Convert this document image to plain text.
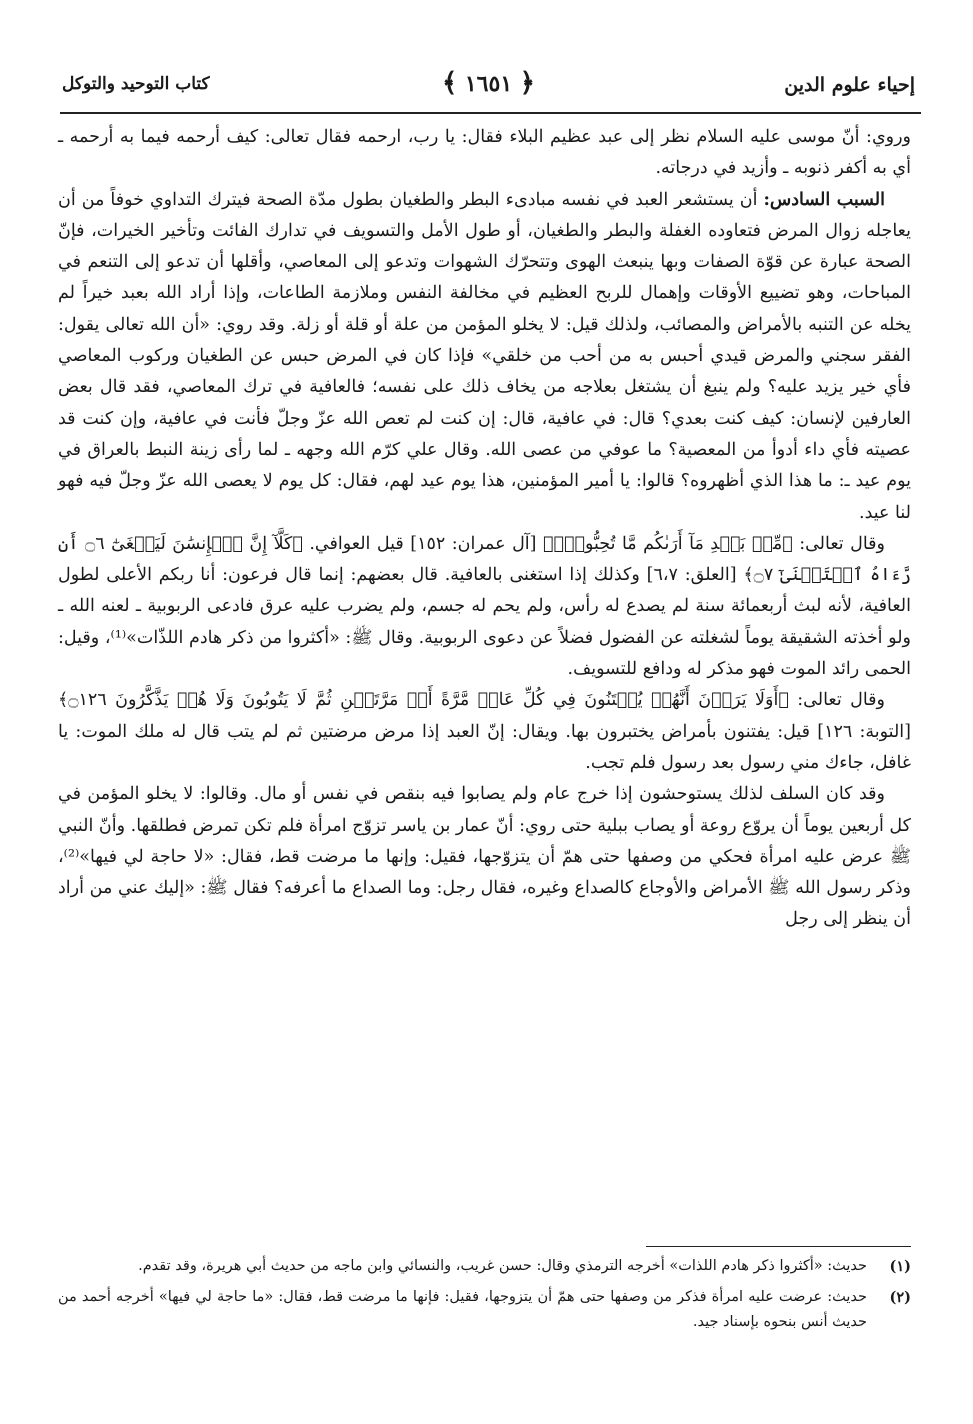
إحياء علوم الدين
﴿ ١٦٥١ ﴾
كتاب التوحيد والتوكل

وروي: أنّ موسى عليه السلام نظر إلى عبد عظيم البلاء فقال: يا رب، ارحمه فقال تعالى: كيف أرحمه فيما به أرحمه ـ أي به أكفر ذنوبه ـ وأزيد في درجاته.

السبب السادس: أن يستشعر العبد في نفسه مبادىء البطر والطغيان بطول مدّة الصحة فيترك التداوي خوفاً من أن يعاجله زوال المرض فتعاوده الغفلة والبطر والطغيان، أو طول الأمل والتسويف في تدارك الفائت وتأخير الخيرات، فإنّ الصحة عبارة عن قوّة الصفات وبها ينبعث الهوى وتتحرّك الشهوات وتدعو إلى المعاصي، وأقلها أن تدعو إلى التنعم في المباحات، وهو تضييع الأوقات وإهمال للربح العظيم في مخالفة النفس وملازمة الطاعات، وإذا أراد الله بعبد خيراً لم يخله عن التنبه بالأمراض والمصائب، ولذلك قيل: لا يخلو المؤمن من علة أو قلة أو زلة. وقد روي: «أن الله تعالى يقول: الفقر سجني والمرض قيدي أحبس به من أحب من خلقي» فإذا كان في المرض حبس عن الطغيان وركوب المعاصي فأي خير يزيد عليه؟ ولم ينبغ أن يشتغل بعلاجه من يخاف ذلك على نفسه؛ فالعافية في ترك المعاصي، فقد قال بعض العارفين لإنسان: كيف كنت بعدي؟ قال: في عافية، قال: إن كنت لم تعص الله عزّ وجلّ فأنت في عافية، وإن كنت قد عصيته فأي داء أدوأ من المعصية؟ ما عوفي من عصى الله. وقال علي كرّم الله وجهه ـ لما رأى زينة النبط بالعراق في يوم عيد ـ: ما هذا الذي أظهروه؟ قالوا: يا أمير المؤمنين، هذا يوم عيد لهم، فقال: كل يوم لا يعصى الله عزّ وجلّ فيه فهو لنا عيد.

وقال تعالى: ﴿مِّنۢ بَعۡدِ مَآ أَرَىٰكُم مَّا تُحِبُّونَۚ﴾ [آل عمران: ١٥٢] قيل العوافي. ﴿كَلَّآ إِنَّ ٱلۡإِنسَٰنَ لَيَطۡغَىٰٓ ۝٦ أَن رَّءَاهُ ٱسۡتَغۡنَىٰٓ ۝٧﴾ [العلق: ٦،٧] وكذلك إذا استغنى بالعافية. قال بعضهم: إنما قال فرعون: أنا ربكم الأعلى لطول العافية، لأنه لبث أربعمائة سنة لم يصدع له رأس، ولم يحم له جسم، ولم يضرب عليه عرق فادعى الربوبية ـ لعنه الله ـ ولو أخذته الشقيقة يوماً لشغلته عن الفضول فضلاً عن دعوى الربوبية. وقال ﷺ: «أكثروا من ذكر هادم اللذّات»⁽¹⁾، وقيل: الحمى رائد الموت فهو مذكر له ودافع للتسويف.

وقال تعالى: ﴿أَوَلَا يَرَوۡنَ أَنَّهُمۡ يُفۡتَنُونَ فِي كُلِّ عَامٖ مَّرَّةً أَوۡ مَرَّتَيۡنِ ثُمَّ لَا يَتُوبُونَ وَلَا هُمۡ يَذَّكَّرُونَ ۝١٢٦﴾ [التوبة: ١٢٦] قيل: يفتنون بأمراض يختبرون بها. ويقال: إنّ العبد إذا مرض مرضتين ثم لم يتب قال له ملك الموت: يا غافل، جاءك مني رسول بعد رسول فلم تجب.

وقد كان السلف لذلك يستوحشون إذا خرج عام ولم يصابوا فيه بنقص في نفس أو مال. وقالوا: لا يخلو المؤمن في كل أربعين يوماً أن يروّع روعة أو يصاب ببلية حتى روي: أنّ عمار بن ياسر تزوّج امرأة فلم تكن تمرض فطلقها. وأنّ النبي ﷺ عرض عليه امرأة فحكي من وصفها حتى همّ أن يتزوّجها، فقيل: وإنها ما مرضت قط، فقال: «لا حاجة لي فيها»⁽²⁾، وذكر رسول الله ﷺ الأمراض والأوجاع كالصداع وغيره، فقال رجل: وما الصداع ما أعرفه؟ فقال ﷺ: «إليك عني من أراد أن ينظر إلى رجل

(١)
حديث: «أكثروا ذكر هادم اللذات» أخرجه الترمذي وقال: حسن غريب، والنسائي وابن ماجه من حديث أبي هريرة، وقد تقدم.
(٢)
حديث: عرضت عليه امرأة فذكر من وصفها حتى همّ أن يتزوجها، فقيل: فإنها ما مرضت قط، فقال: «ما حاجة لي فيها» أخرجه أحمد من حديث أنس بنحوه بإسناد جيد.
